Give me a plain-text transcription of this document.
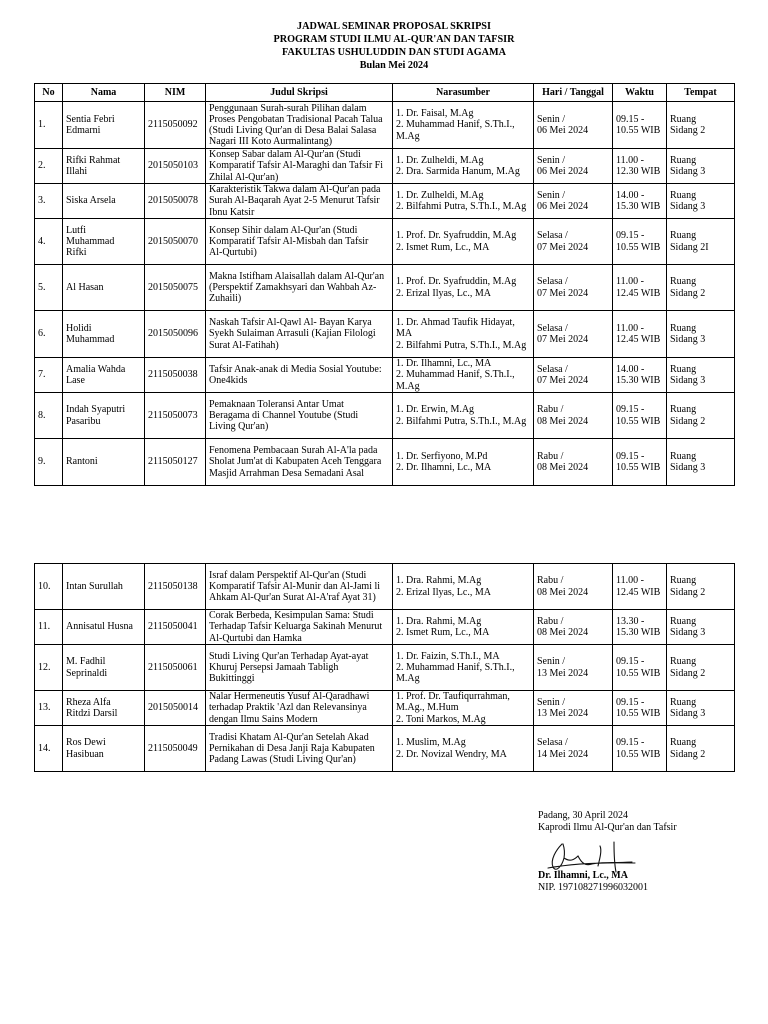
JADWAL SEMINAR PROPOSAL SKRIPSI
PROGRAM STUDI ILMU AL-QUR'AN DAN TAFSIR
FAKULTAS USHULUDDIN DAN STUDI AGAMA
Bulan Mei 2024
No	Nama	NIM	Judul Skripsi	Narasumber	Hari / Tanggal	Waktu	Tempat
1.	Sentia Febri
Edmarni	2115050092	Penggunaan Surah-surah Pilihan dalam
Proses Pengobatan Tradisional Pacah Talua
(Studi Living Qur'an di Desa Balai Salasa
Nagari III Koto Aurmalintang)	1. Dr. Faisal, M.Ag
2. Muhammad Hanif, S.Th.I.,
M.Ag	Senin /
06 Mei 2024	09.15 -
10.55 WIB	Ruang
Sidang 2

2.	Rifki Rahmat
Illahi	2015050103	Konsep Sabar dalam Al-Qur'an (Studi
Komparatif Tafsir Al-Maraghi dan Tafsir Fi
Zhilal Al-Qur'an)	1. Dr. Zulheldi, M.Ag
2. Dra. Sarmida Hanum, M.Ag	Senin /
06 Mei 2024	11.00 -
12.30 WIB	Ruang
Sidang 3

3.	Siska Arsela	2015050078	Karakteristik Takwa dalam Al-Qur'an pada
Surah Al-Baqarah Ayat 2-5 Menurut Tafsir
Ibnu Katsir	1. Dr. Zulheldi, M.Ag
2. Bilfahmi Putra, S.Th.I., M.Ag	Senin /
06 Mei 2024	14.00 -
15.30 WIB	Ruang
Sidang 3

4.	Lutfi
Muhammad
Rifki	2015050070	Konsep Sihir dalam Al-Qur'an (Studi
Komparatif Tafsir Al-Misbah dan Tafsir
Al-Qurtubi)	1. Prof. Dr. Syafruddin, M.Ag
2. Ismet Rum, Lc., MA	Selasa /
07 Mei 2024	09.15 -
10.55 WIB	Ruang
Sidang 2I

5.	Al Hasan	2015050075	Makna Istifham Alaisallah dalam Al-Qur'an
(Perspektif Zamakhsyari dan Wahbah Az-
Zuhaili)	1. Prof. Dr. Syafruddin, M.Ag
2. Erizal Ilyas, Lc., MA	Selasa /
07 Mei 2024	11.00 -
12.45 WIB	Ruang
Sidang 2

6.	Holidi
Muhammad	2015050096	Naskah Tafsir Al-Qawl Al- Bayan Karya
Syekh Sulaiman Arrasuli (Kajian Filologi
Surat Al-Fatihah)	1. Dr. Ahmad Taufik Hidayat,
MA
2. Bilfahmi Putra, S.Th.I., M.Ag	Selasa /
07 Mei 2024	11.00 -
12.45 WIB	Ruang
Sidang 3

7.	Amalia Wahda
Lase	2115050038	Tafsir Anak-anak di Media Sosial Youtube:
One4kids	1. Dr. Ilhamni, Lc., MA
2. Muhammad Hanif, S.Th.I.,
M.Ag	Selasa /
07 Mei 2024	14.00 -
15.30 WIB	Ruang
Sidang 3

8.	Indah Syaputri
Pasaribu	2115050073	Pemaknaan Toleransi Antar Umat
Beragama di Channel Youtube (Studi
Living Qur'an)	1. Dr. Erwin, M.Ag
2. Bilfahmi Putra, S.Th.I., M.Ag	Rabu /
08 Mei 2024	09.15 -
10.55 WIB	Ruang
Sidang 2

9.	Rantoni	2115050127	Fenomena Pembacaan Surah Al-A'la pada
Sholat Jum'at di Kabupaten Aceh Tenggara
Masjid Arrahman Desa Semadani Asal	1. Dr. Serfiyono, M.Pd
2. Dr. Ilhamni, Lc., MA	Rabu /
08 Mei 2024	09.15 -
10.55 WIB	Ruang
Sidang 3
10.	Intan Surullah	2115050138	Israf dalam Perspektif Al-Qur'an (Studi
Komparatif Tafsir Al-Munir dan Al-Jami li
Ahkam Al-Qur'an Surat Al-A'raf Ayat 31)	1. Dra. Rahmi, M.Ag
2. Erizal Ilyas, Lc., MA	Rabu /
08 Mei 2024	11.00 -
12.45 WIB	Ruang
Sidang 2

11.	Annisatul Husna	2115050041	Corak Berbeda, Kesimpulan Sama: Studi
Terhadap Tafsir Keluarga Sakinah Menurut
Al-Qurtubi dan Hamka	1. Dra. Rahmi, M.Ag
2. Ismet Rum, Lc., MA	Rabu /
08 Mei 2024	13.30 -
15.30 WIB	Ruang
Sidang 3

12.	M. Fadhil
Seprinaldi	2115050061	Studi Living Qur'an Terhadap Ayat-ayat
Khuruj Persepsi Jamaah Tabligh
Bukittinggi	1. Dr. Faizin, S.Th.I., MA
2. Muhammad Hanif, S.Th.I.,
M.Ag	Senin /
13 Mei 2024	09.15 -
10.55 WIB	Ruang
Sidang 2

13.	Rheza Alfa
Ritdzi Darsil	2015050014	Nalar Hermeneutis Yusuf Al-Qaradhawi
terhadap Praktik 'Azl dan Relevansinya
dengan Ilmu Sains Modern	1. Prof. Dr. Taufiqurrahman,
M.Ag., M.Hum
2. Toni Markos, M.Ag	Senin /
13 Mei 2024	09.15 -
10.55 WIB	Ruang
Sidang 3

14.	Ros Dewi
Hasibuan	2115050049	Tradisi Khatam Al-Qur'an Setelah Akad
Pernikahan di Desa Janji Raja Kabupaten
Padang Lawas (Studi Living Qur'an)	1. Muslim, M.Ag
2. Dr. Novizal Wendry, MA	Selasa /
14 Mei 2024	09.15 -
10.55 WIB	Ruang
Sidang 2
Padang, 30 April 2024
Kaprodi Ilmu Al-Qur'an dan Tafsir
Dr. Ilhamni, Lc., MA
NIP. 197108271996032001
